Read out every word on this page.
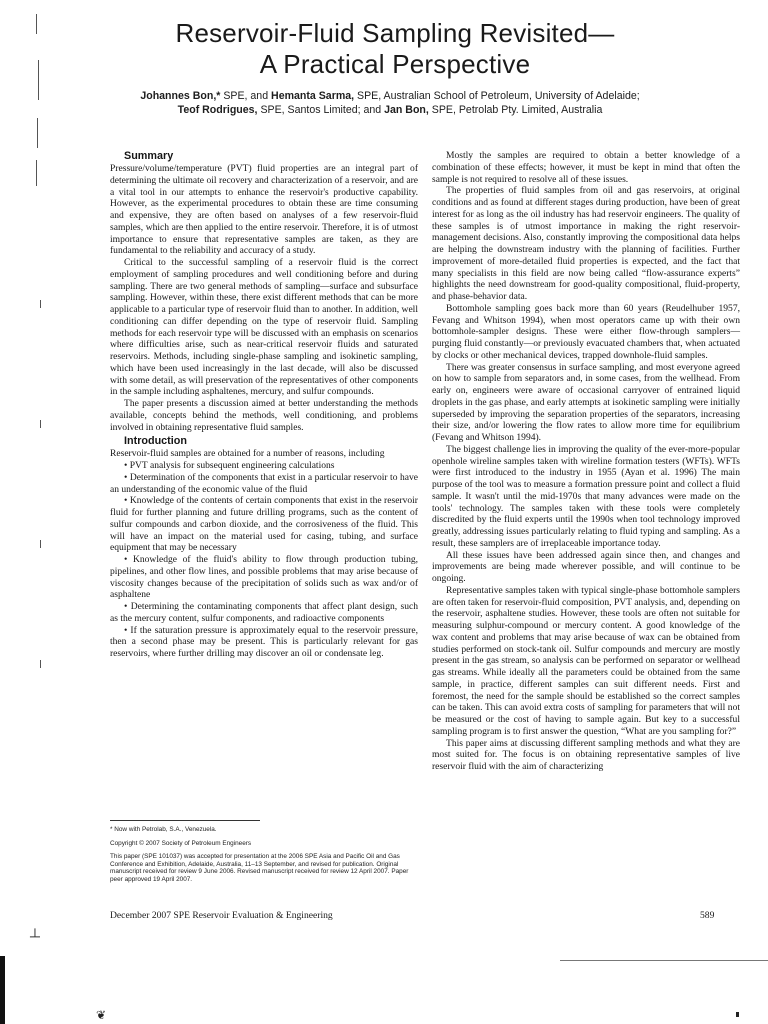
Reservoir-Fluid Sampling Revisited—
A Practical Perspective
Johannes Bon,* SPE, and Hemanta Sarma, SPE, Australian School of Petroleum, University of Adelaide;
Teof Rodrigues, SPE, Santos Limited; and Jan Bon, SPE, Petrolab Pty. Limited, Australia

Summary

Pressure/volume/temperature (PVT) fluid properties are an integral part of determining the ultimate oil recovery and characterization of a reservoir, and are a vital tool in our attempts to enhance the reservoir's productive capability. However, as the experimental procedures to obtain these are time consuming and expensive, they are often based on analyses of a few reservoir-fluid samples, which are then applied to the entire reservoir. Therefore, it is of utmost importance to ensure that representative samples are taken, as they are fundamental to the reliability and accuracy of a study.

Critical to the successful sampling of a reservoir fluid is the correct employment of sampling procedures and well conditioning before and during sampling. There are two general methods of sampling—surface and subsurface sampling. However, within these, there exist different methods that can be more applicable to a particular type of reservoir fluid than to another. In addition, well conditioning can differ depending on the type of reservoir fluid. Sampling methods for each reservoir type will be discussed with an emphasis on scenarios where difficulties arise, such as near-critical reservoir fluids and saturated reservoirs. Methods, including single-phase sampling and isokinetic sampling, which have been used increasingly in the last decade, will also be discussed with some detail, as will preservation of the representatives of other components in the sample including asphaltenes, mercury, and sulfur compounds.

The paper presents a discussion aimed at better understanding the methods available, concepts behind the methods, well conditioning, and problems involved in obtaining representative fluid samples.

Introduction

Reservoir-fluid samples are obtained for a number of reasons, including

• PVT analysis for subsequent engineering calculations

• Determination of the components that exist in a particular reservoir to have an understanding of the economic value of the fluid

• Knowledge of the contents of certain components that exist in the reservoir fluid for further planning and future drilling programs, such as the content of sulfur compounds and carbon dioxide, and the corrosiveness of the fluid. This will have an impact on the material used for casing, tubing, and surface equipment that may be necessary

• Knowledge of the fluid's ability to flow through production tubing, pipelines, and other flow lines, and possible problems that may arise because of viscosity changes because of the precipitation of solids such as wax and/or of asphaltene

• Determining the contaminating components that affect plant design, such as the mercury content, sulfur components, and radioactive components

• If the saturation pressure is approximately equal to the reservoir pressure, then a second phase may be present. This is particularly relevant for gas reservoirs, where further drilling may discover an oil or condensate leg.

Mostly the samples are required to obtain a better knowledge of a combination of these effects; however, it must be kept in mind that often the sample is not required to resolve all of these issues.

The properties of fluid samples from oil and gas reservoirs, at original conditions and as found at different stages during production, have been of great interest for as long as the oil industry has had reservoir engineers. The quality of these samples is of utmost importance in making the right reservoir-management decisions. Also, constantly improving the compositional data helps are helping the downstream industry with the planning of facilities. Further improvement of more-detailed fluid properties is expected, and the fact that many specialists in this field are now being called “flow-assurance experts” highlights the need downstream for good-quality compositional, fluid-property, and phase-behavior data.

Bottomhole sampling goes back more than 60 years (Reudelhuber 1957, Fevang and Whitson 1994), when most operators came up with their own bottomhole-sampler designs. These were either flow-through samplers—purging fluid constantly—or previously evacuated chambers that, when actuated by clocks or other mechanical devices, trapped downhole-fluid samples.

There was greater consensus in surface sampling, and most everyone agreed on how to sample from separators and, in some cases, from the wellhead. From early on, engineers were aware of occasional carryover of entrained liquid droplets in the gas phase, and early attempts at isokinetic sampling were initially superseded by improving the separation properties of the separators, increasing their size, and/or lowering the flow rates to allow more time for equilibrium (Fevang and Whitson 1994).

The biggest challenge lies in improving the quality of the ever-more-popular openhole wireline samples taken with wireline formation testers (WFTs). WFTs were first introduced to the industry in 1955 (Ayan et al. 1996) The main purpose of the tool was to measure a formation pressure point and collect a fluid sample. It wasn't until the mid-1970s that many advances were made on the tools' technology. The samples taken with these tools were completely discredited by the fluid experts until the 1990s when tool technology improved greatly, addressing issues particularly relating to fluid typing and sampling. As a result, these samplers are of irreplaceable importance today.

All these issues have been addressed again since then, and changes and improvements are being made wherever possible, and will continue to be ongoing.

Representative samples taken with typical single-phase bottomhole samplers are often taken for reservoir-fluid composition, PVT analysis, and, depending on the reservoir, asphaltene studies. However, these tools are often not suitable for measuring sulphur-compound or mercury content. A good knowledge of the wax content and problems that may arise because of wax can be obtained from studies performed on stock-tank oil. Sulfur compounds and mercury are mostly present in the gas stream, so analysis can be performed on separator or wellhead gas streams. While ideally all the parameters could be obtained from the same sample, in practice, different samples can suit different needs. First and foremost, the need for the sample should be established so the correct samples can be taken. This can avoid extra costs of sampling for parameters that will not be measured or the cost of having to sample again. But key to a successful sampling program is to first answer the question, “What are you sampling for?”

This paper aims at discussing different sampling methods and what they are most suited for. The focus is on obtaining representative samples of live reservoir fluid with the aim of characterizing

* Now with Petrolab, S.A., Venezuela.

Copyright © 2007 Society of Petroleum Engineers

This paper (SPE 101037) was accepted for presentation at the 2006 SPE Asia and Pacific Oil and Gas Conference and Exhibition, Adelaide, Australia, 11–13 September, and revised for publication. Original manuscript received for review 9 June 2006. Revised manuscript received for review 12 April 2007. Paper peer approved 19 April 2007.

December 2007 SPE Reservoir Evaluation & Engineering	589
┴
❦
